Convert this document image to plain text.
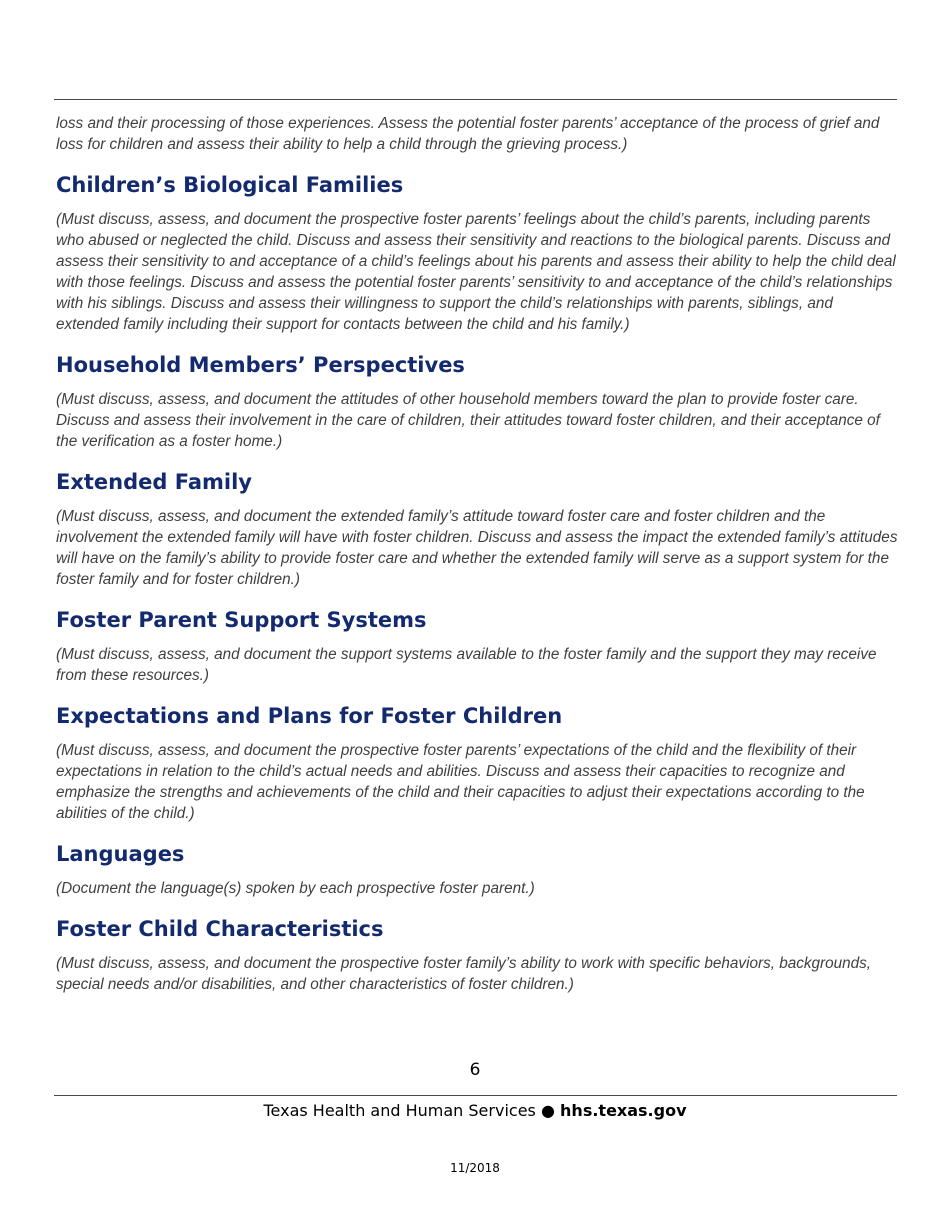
loss and their processing of those experiences. Assess the potential foster parents’ acceptance of the process of grief and loss for children and assess their ability to help a child through the grieving process.)

Children’s Biological Families

(Must discuss, assess, and document the prospective foster parents’ feelings about the child’s parents, including parents who abused or neglected the child. Discuss and assess their sensitivity and reactions to the biological parents. Discuss and assess their sensitivity to and acceptance of a child’s feelings about his parents and assess their ability to help the child deal with those feelings. Discuss and assess the potential foster parents’ sensitivity to and acceptance of the child’s relationships with his siblings. Discuss and assess their willingness to support the child’s relationships with parents, siblings, and extended family including their support for contacts between the child and his family.)

Household Members’ Perspectives

(Must discuss, assess, and document the attitudes of other household members toward the plan to provide foster care. Discuss and assess their involvement in the care of children, their attitudes toward foster children, and their acceptance of the verification as a foster home.)

Extended Family

(Must discuss, assess, and document the extended family’s attitude toward foster care and foster children and the involvement the extended family will have with foster children. Discuss and assess the impact the extended family’s attitudes will have on the family’s ability to provide foster care and whether the extended family will serve as a support system for the foster family and for foster children.)

Foster Parent Support Systems

(Must discuss, assess, and document the support systems available to the foster family and the support they may receive from these resources.)

Expectations and Plans for Foster Children

(Must discuss, assess, and document the prospective foster parents’ expectations of the child and the flexibility of their expectations in relation to the child’s actual needs and abilities. Discuss and assess their capacities to recognize and emphasize the strengths and achievements of the child and their capacities to adjust their expectations according to the abilities of the child.)

Languages

(Document the language(s) spoken by each prospective foster parent.)

Foster Child Characteristics

(Must discuss, assess, and document the prospective foster family’s ability to work with specific behaviors, backgrounds, special needs and/or disabilities, and other characteristics of foster children.)

6
Texas Health and Human Services ● hhs.texas.gov
11/2018
